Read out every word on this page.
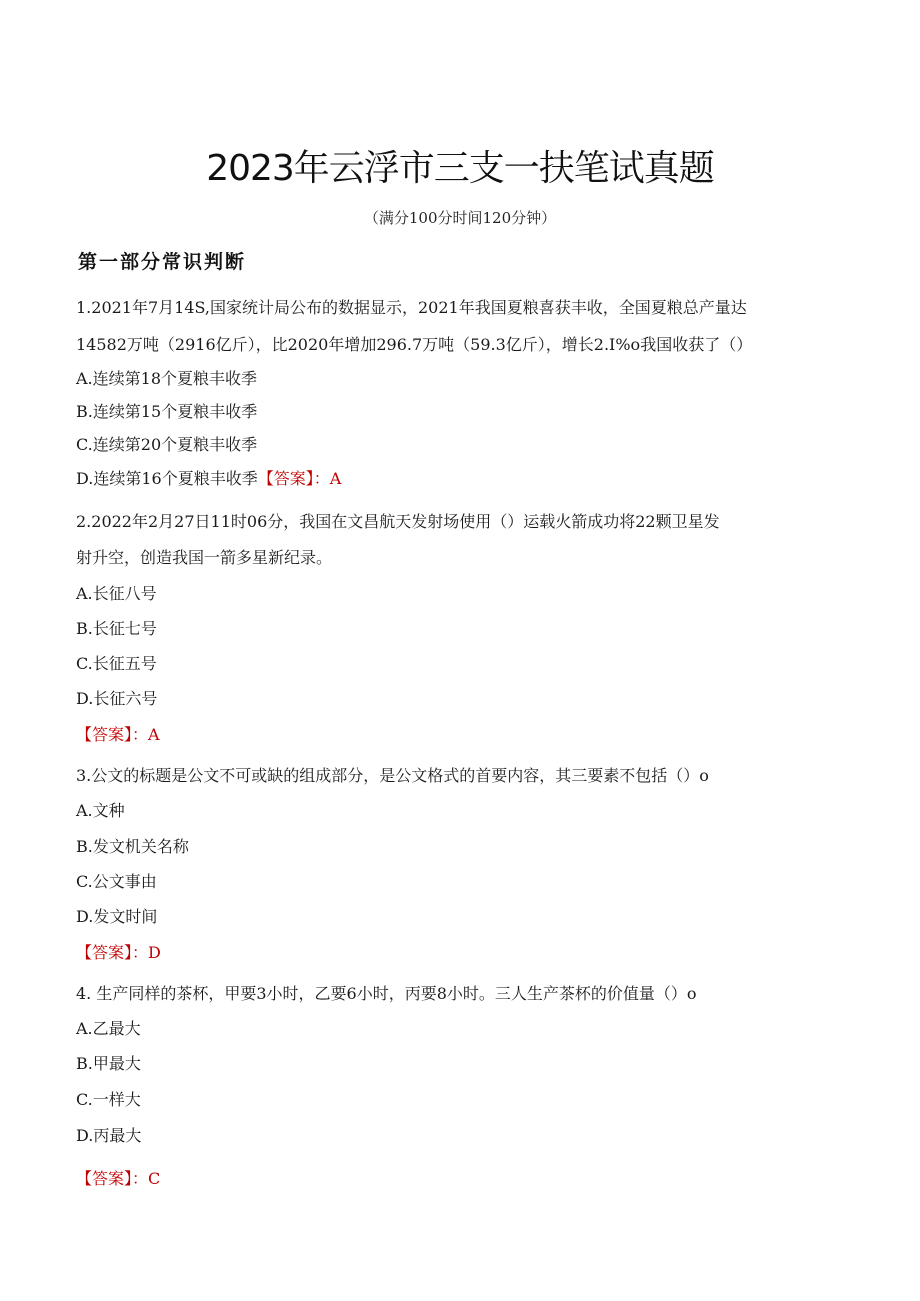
2023年云浮市三支一扶笔试真题
（满分100分时间120分钟）
第一部分常识判断
1.2021年7月14S,国家统计局公布的数据显示，2021年我国夏粮喜获丰收，全国夏粮总产量达
14582万吨（2916亿斤），比2020年增加296.7万吨（59.3亿斤），增长2.I%o我国收获了（）
A.连续第18个夏粮丰收季
B.连续第15个夏粮丰收季
C.连续第20个夏粮丰收季
D.连续第16个夏粮丰收季【答案】：A
2.2022年2月27日11时06分，我国在文昌航天发射场使用（）运载火箭成功将22颗卫星发
射升空，创造我国一箭多星新纪录。
A.长征八号
B.长征七号
C.长征五号
D.长征六号
【答案】：A
3.公文的标题是公文不可或缺的组成部分，是公文格式的首要内容，其三要素不包括（）o
A.文种
B.发文机关名称
C.公文事由
D.发文时间
【答案】：D
4. 生产同样的茶杯，甲要3小时，乙要6小时，丙要8小时。三人生产茶杯的价值量（）o
A.乙最大
B.甲最大
C.一样大
D.丙最大
【答案】：C
